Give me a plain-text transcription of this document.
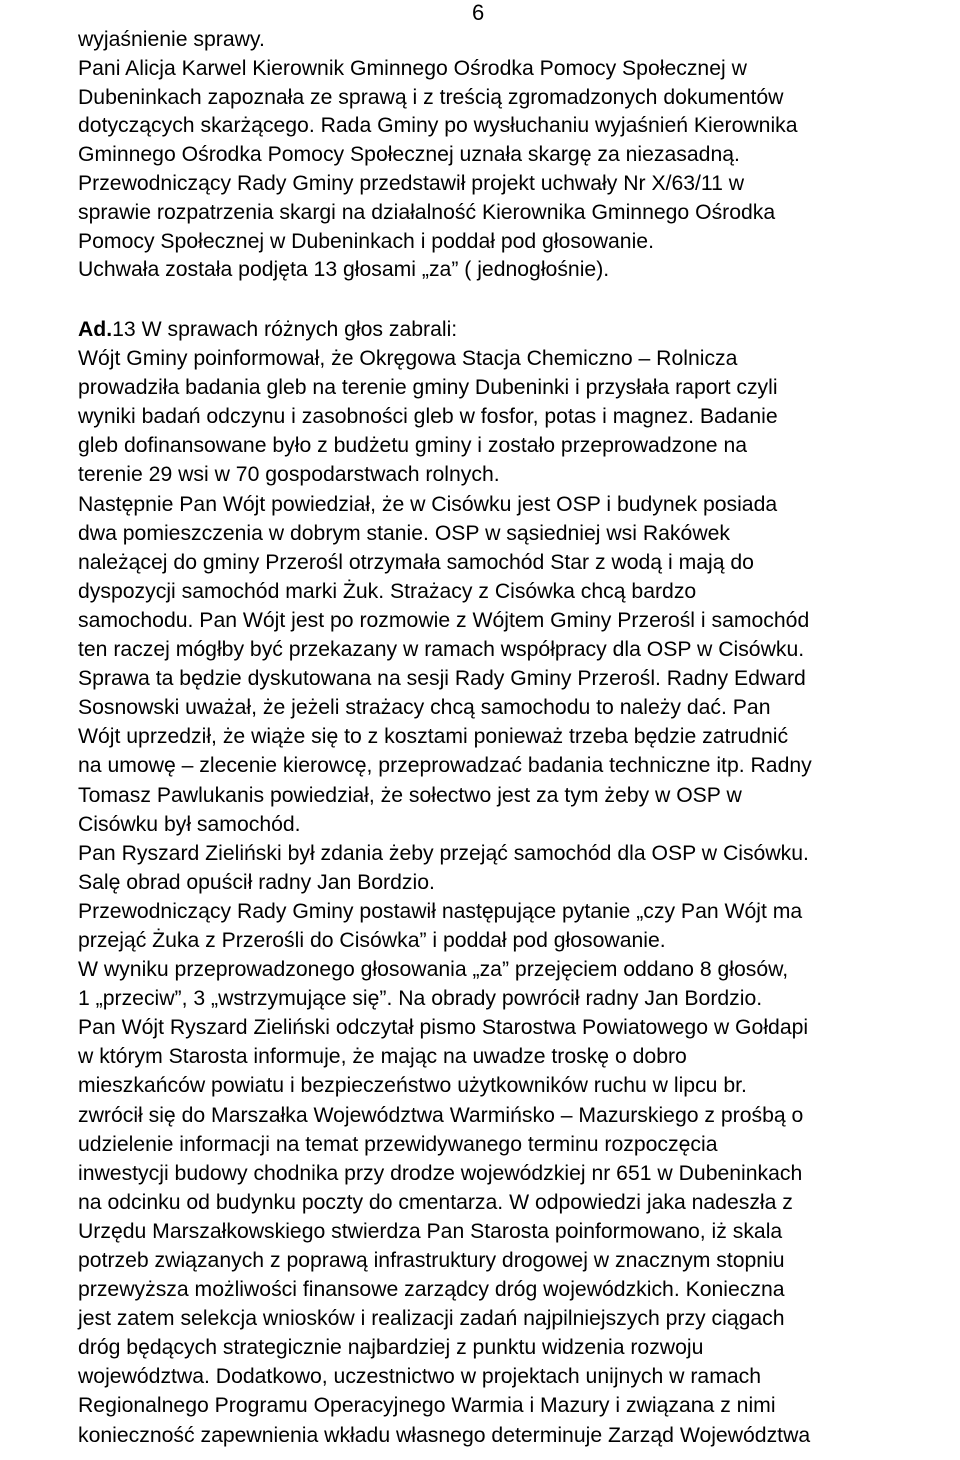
6
wyjaśnienie sprawy.
Pani Alicja Karwel Kierownik Gminnego Ośrodka Pomocy Społecznej w
Dubeninkach zapoznała ze sprawą i z treścią zgromadzonych dokumentów
dotyczących skarżącego. Rada Gminy po wysłuchaniu wyjaśnień Kierownika
Gminnego Ośrodka Pomocy Społecznej uznała skargę za niezasadną.
Przewodniczący Rady Gminy przedstawił projekt uchwały Nr X/63/11 w
sprawie rozpatrzenia skargi na działalność Kierownika Gminnego Ośrodka
Pomocy Społecznej w Dubeninkach i poddał pod głosowanie.
Uchwała została podjęta 13 głosami „za” ( jednogłośnie).
Ad.13 W sprawach różnych głos zabrali:
Wójt Gminy poinformował, że Okręgowa Stacja Chemiczno – Rolnicza
prowadziła badania gleb na terenie gminy Dubeninki i przysłała raport czyli
wyniki badań odczynu i zasobności gleb w fosfor, potas i magnez. Badanie
gleb dofinansowane było z budżetu gminy i zostało przeprowadzone na
terenie 29 wsi w 70 gospodarstwach rolnych.
Następnie Pan Wójt powiedział, że w Cisówku jest OSP i budynek posiada
dwa pomieszczenia w dobrym stanie. OSP w sąsiedniej wsi Rakówek
należącej do gminy Przerośl otrzymała samochód Star z wodą i mają do
dyspozycji samochód marki Żuk. Strażacy z Cisówka chcą bardzo
samochodu. Pan Wójt jest po rozmowie z Wójtem Gminy Przerośl i samochód
ten raczej mógłby być przekazany w ramach współpracy dla OSP w Cisówku.
Sprawa ta będzie dyskutowana na sesji Rady Gminy Przerośl. Radny Edward
Sosnowski uważał, że jeżeli strażacy chcą samochodu to należy dać. Pan
Wójt uprzedził, że wiąże się to z kosztami ponieważ trzeba będzie zatrudnić
na umowę – zlecenie kierowcę, przeprowadzać badania techniczne itp. Radny
Tomasz Pawlukanis powiedział, że sołectwo jest za tym żeby w OSP w
Cisówku był samochód.
Pan Ryszard Zieliński był zdania żeby przejąć samochód dla OSP w Cisówku.
Salę obrad opuścił radny Jan Bordzio.
Przewodniczący Rady Gminy postawił następujące pytanie „czy Pan Wójt ma
przejąć Żuka z Przerośli do Cisówka” i poddał pod głosowanie.
W wyniku przeprowadzonego głosowania „za” przejęciem oddano 8 głosów,
1 „przeciw”, 3 „wstrzymujące się”. Na obrady powrócił radny Jan Bordzio.
Pan Wójt Ryszard Zieliński odczytał pismo Starostwa Powiatowego w Gołdapi
w którym Starosta informuje, że mając na uwadze troskę o dobro
mieszkańców powiatu i bezpieczeństwo użytkowników ruchu w lipcu br.
zwrócił się do Marszałka Województwa Warmińsko – Mazurskiego z prośbą o
udzielenie informacji na temat przewidywanego terminu rozpoczęcia
inwestycji budowy chodnika przy drodze wojewódzkiej nr 651 w Dubeninkach
na odcinku od budynku poczty do cmentarza. W odpowiedzi jaka nadeszła z
Urzędu Marszałkowskiego stwierdza Pan Starosta poinformowano, iż skala
potrzeb związanych z poprawą infrastruktury drogowej w znacznym stopniu
przewyższa możliwości finansowe zarządcy dróg wojewódzkich. Konieczna
jest zatem selekcja wniosków i realizacji zadań najpilniejszych przy ciągach
dróg będących strategicznie najbardziej z punktu widzenia rozwoju
województwa. Dodatkowo, uczestnictwo w projektach unijnych w ramach
Regionalnego Programu Operacyjnego Warmia i Mazury i związana z nimi
konieczność zapewnienia wkładu własnego determinuje Zarząd Województwa
